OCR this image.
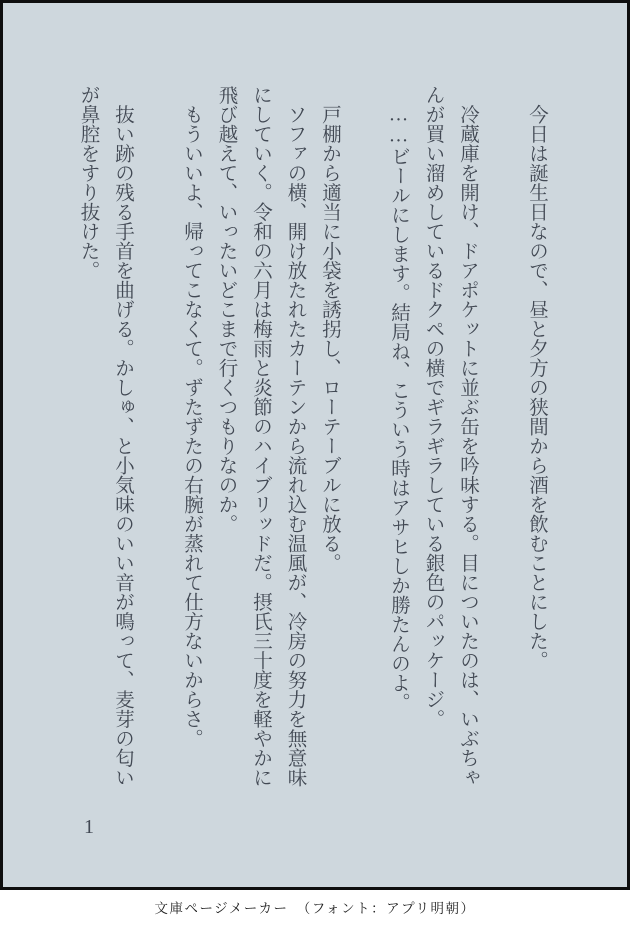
　今日は誕生日なので、昼と夕方の狭間から酒を飲むことにした。

　冷蔵庫を開け、ドアポケットに並ぶ缶を吟味する。目についたのは、いぶちゃ
んが買い溜めしているドクペの横でギラギラしている銀色のパッケージ。
　……ビールにします。結局ね、こういう時はアサヒしか勝たんのよ。

　戸棚から適当に小袋を誘拐し、ローテーブルに放る。
　ソファの横、開け放たれたカーテンから流れ込む温風が、冷房の努力を無意味
にしていく。令和の六月は梅雨と炎節のハイブリッドだ。摂氏三十度を軽やかに
飛び越えて、いったいどこまで行くつもりなのか。
　もういいよ、帰ってこなくて。ずたずたの右腕が蒸れて仕方ないからさ。

　抜い跡の残る手首を曲げる。かしゅ、と小気味のいい音が鳴って、麦芽の匂い
が鼻腔をすり抜けた。
1
文庫ページメーカー　（フォント：アプリ明朝）
